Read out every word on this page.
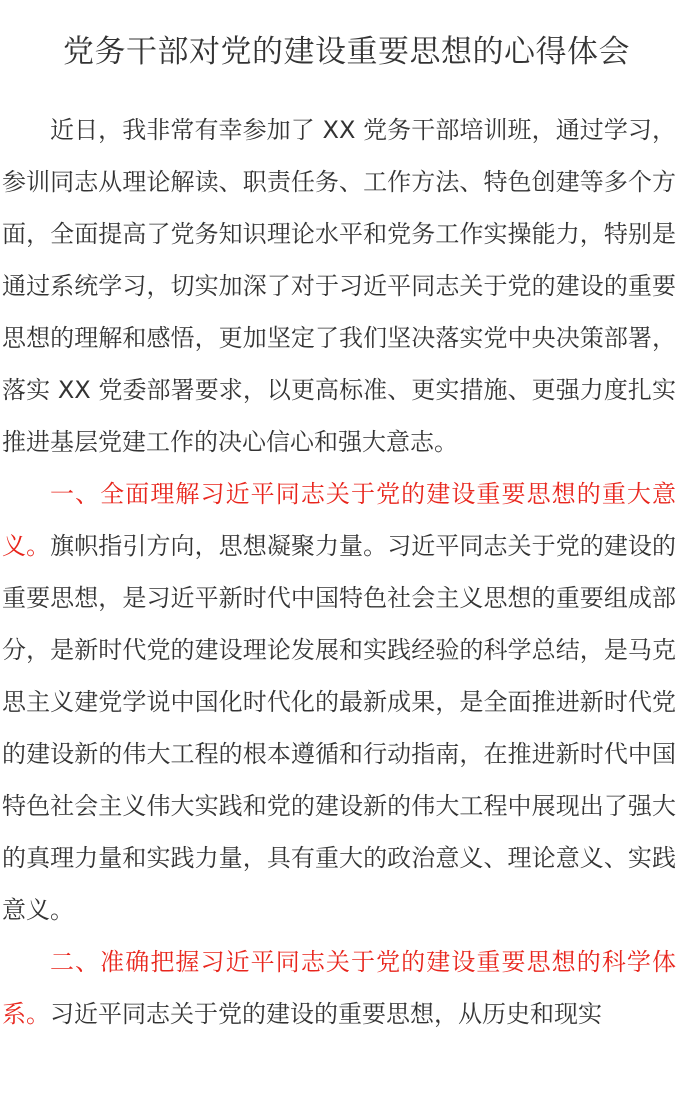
党务干部对党的建设重要思想的心得体会

近日，我非常有幸参加了 XX 党务干部培训班，通过学习，参训同志从理论解读、职责任务、工作方法、特色创建等多个方面，全面提高了党务知识理论水平和党务工作实操能力，特别是通过系统学习，切实加深了对于习近平同志关于党的建设的重要思想的理解和感悟，更加坚定了我们坚决落实党中央决策部署，落实 XX 党委部署要求，以更高标准、更实措施、更强力度扎实推进基层党建工作的决心信心和强大意志。

一、全面理解习近平同志关于党的建设重要思想的重大意义。旗帜指引方向，思想凝聚力量。习近平同志关于党的建设的重要思想，是习近平新时代中国特色社会主义思想的重要组成部分，是新时代党的建设理论发展和实践经验的科学总结，是马克思主义建党学说中国化时代化的最新成果，是全面推进新时代党的建设新的伟大工程的根本遵循和行动指南，在推进新时代中国特色社会主义伟大实践和党的建设新的伟大工程中展现出了强大的真理力量和实践力量，具有重大的政治意义、理论意义、实践意义。

二、准确把握习近平同志关于党的建设重要思想的科学体系。习近平同志关于党的建设的重要思想，从历史和现实
